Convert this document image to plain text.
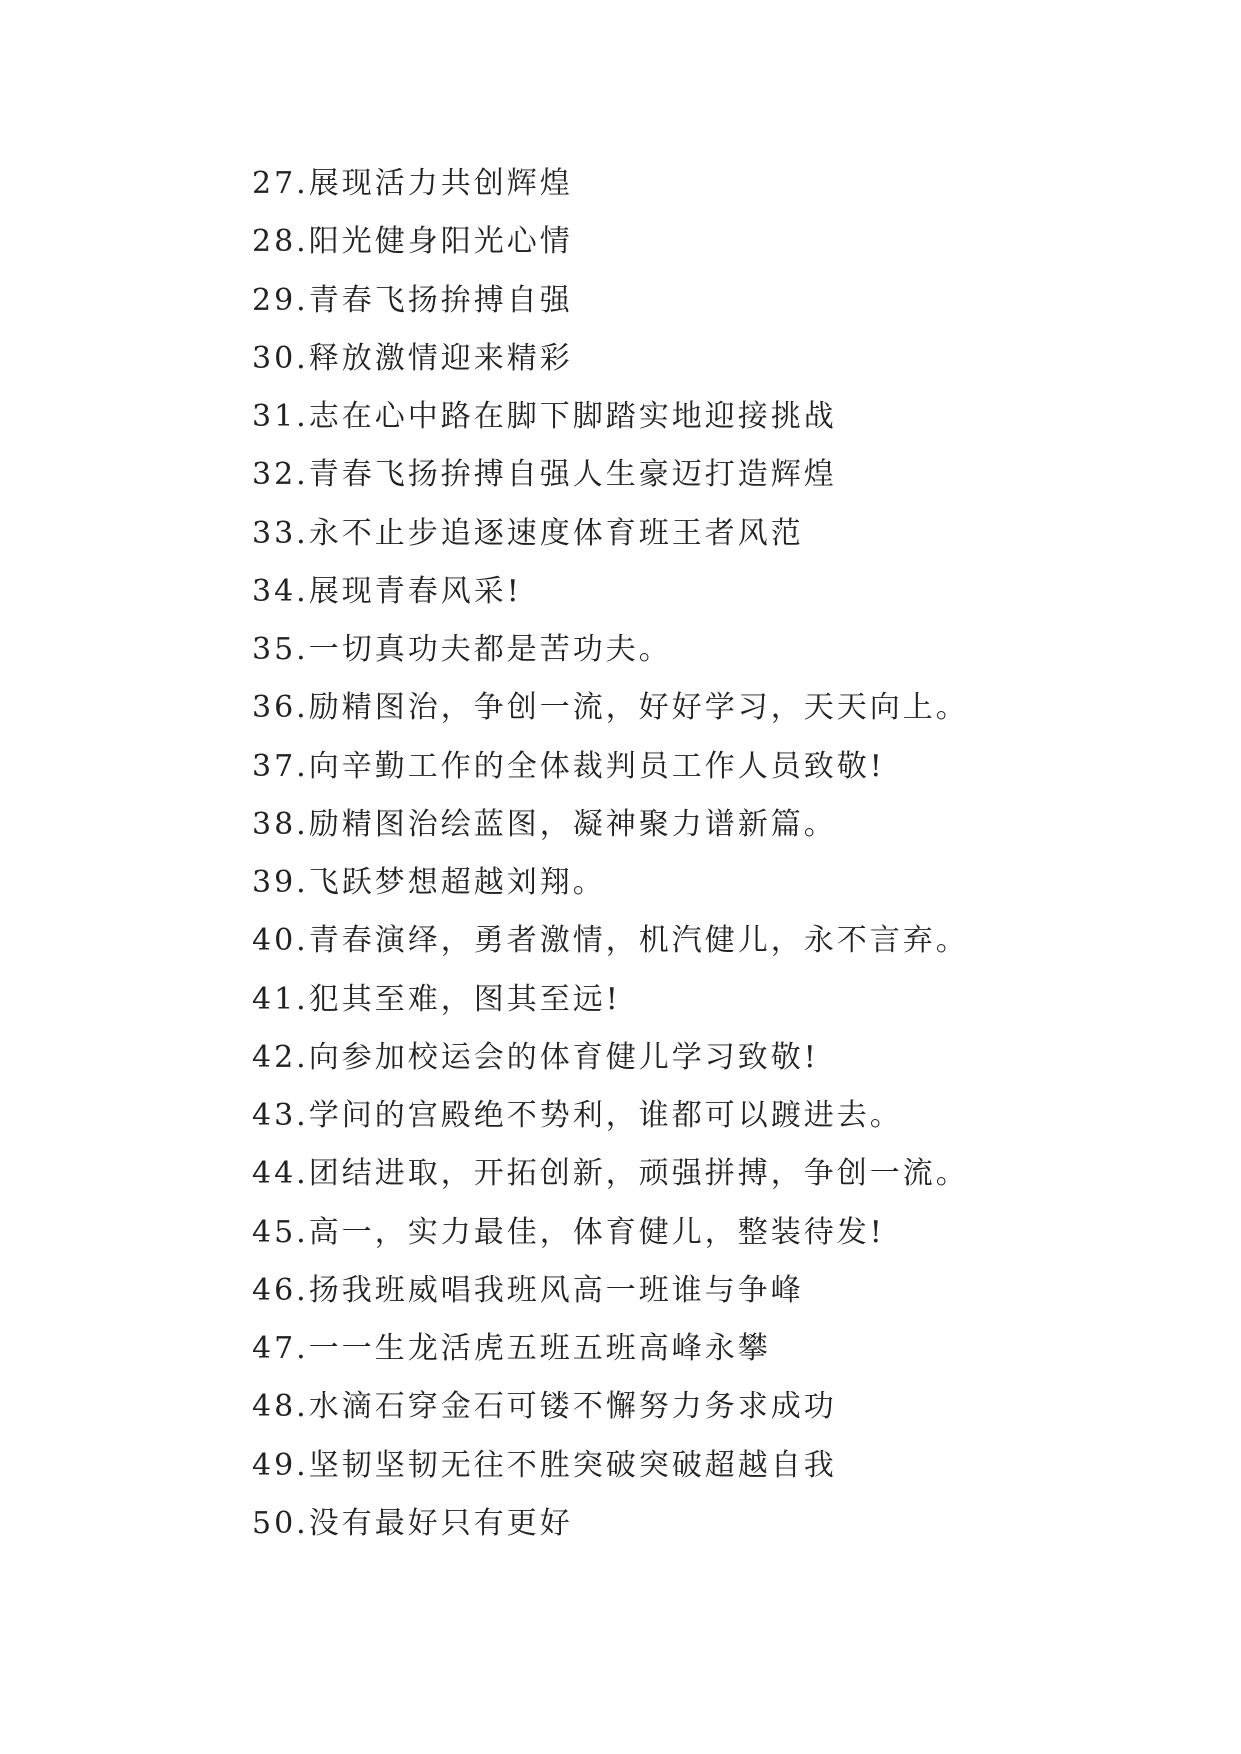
27.展现活力共创辉煌
28.阳光健身阳光心情
29.青春飞扬拚搏自强
30.释放激情迎来精彩
31.志在心中路在脚下脚踏实地迎接挑战
32.青春飞扬拚搏自强人生豪迈打造辉煌
33.永不止步追逐速度体育班王者风范
34.展现青春风采!
35.一切真功夫都是苦功夫。
36.励精图治，争创一流，好好学习，天天向上。
37.向辛勤工作的全体裁判员工作人员致敬!
38.励精图治绘蓝图，凝神聚力谱新篇。
39.飞跃梦想超越刘翔。
40.青春演绎，勇者激情，机汽健儿，永不言弃。
41.犯其至难，图其至远!
42.向参加校运会的体育健儿学习致敬!
43.学问的宫殿绝不势利，谁都可以踱进去。
44.团结进取，开拓创新，顽强拼搏，争创一流。
45.高一，实力最佳，体育健儿，整装待发!
46.扬我班威唱我班风高一班谁与争峰
47.一一生龙活虎五班五班高峰永攀
48.水滴石穿金石可镂不懈努力务求成功
49.坚韧坚韧无往不胜突破突破超越自我
50.没有最好只有更好
